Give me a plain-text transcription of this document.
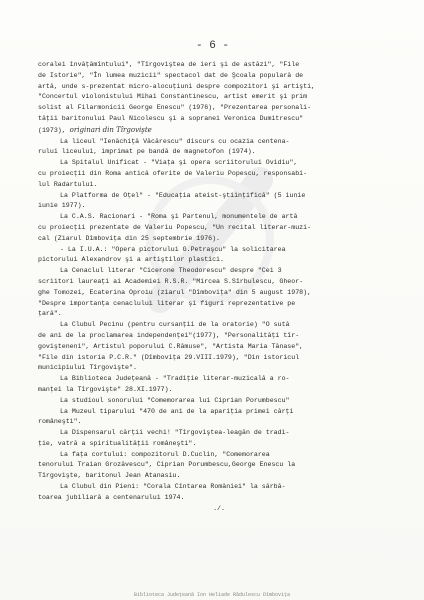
- 6 -
coralei învăţămîntului", "Tîrgoviştea de ieri şi de astăzi", "File
de Istorie", "În lumea muzicii" spectacol dat de Şcoala populară de
artă, unde s-prezentat micro-alocuţiuni despre compozitori şi artişti,
"Concertul violonistului Mihai Constantinescu, artist emerit şi prim
solist al Filarmonicii George Enescu" (1976), "Prezentarea personali-
tăţii baritonului Paul Nicolescu şi a sopranei Veronica Dumitrescu"
(1973), originari din Tîrgovişte
La liceul "Ienăchiţă Văcărescu" discurs cu ocazia centena-
rului liceului, imprimat pe bandă de magnetofon (1974).
La Spitalul Unificat - "Viaţa şi opera scriitorului Ovidiu",
cu proiecţii din Roma antică oferite de Valeriu Popescu, responsabi-
lul Radartului.
La Platforma de Oţel" - "Educaţia ateist-ştiinţifică" (5 iunie
iunie 1977).
La C.A.S. Racionari - "Roma şi Partenul, monumentele de artă
cu proiecţii prezentate de Valeriu Popescu, "Un recital literar-muzi-
cal (Ziarul Dîmboviţa din 25 septembrie 1976).
- La I.U.A.: "Opera pictorului G.Petraşcu" la solicitarea
pictorului Alexandrov şi a artiştilor plastici.
La Cenaclul literar "Cicerone Theodorescu" despre "Cei 3
scriitori laureaţi ai Academiei R.S.R. "Mircea S.Sîrbulescu, Gheor-
ghe Tomozei, Ecaterina Oproiu (ziarul "Dîmboviţa" din 5 august 1978),
"Despre importanţa cenaclului literar şi figuri reprezentative pe
ţară".
La Clubul Pecinu (pentru cursanţii de la oratorie) "O sută
de ani de la proclamarea independenţei"(1977), "Personalităţi tîr-
govişteneni", Artistul poporului C.Rămuse", "Artista Maria Tănase",
"File din istoria P.C.R." (Dîmboviţa 29.VIII.1979), "Din istoricul
municipiului Tîrgovişte".
La Biblioteca Judeţeană - "Tradiţie literar-muzicală a ro-
manţei la Tîrgovişte" 28.XI.1977).
La studioul sonorului "Comemorarea lui Ciprian Porumbescu"
La Muzeul tiparului "470 de ani de la apariţia primei cărţi
româneşti".
La Dispensarul cărţii vechi! "Tîrgoviştea-leagăn de tradi-
ţie, vatră a spiritualităţii româneşti".
La faţa cortului: compozitorul D.Cuclin, "Comemorarea
tenorului Traian Grozăvescu", Ciprian Porumbescu,George Enescu la
Tîrgovişte, baritonul Jean Atanasiu.
La Clubul din Pieni: "Corala Cîntarea Romăniei" la sărbă-
toarea jubiliară a centenarului 1974.
./.
Biblioteca Judeţeană Ion Heliade Rădulescu Dîmboviţa
